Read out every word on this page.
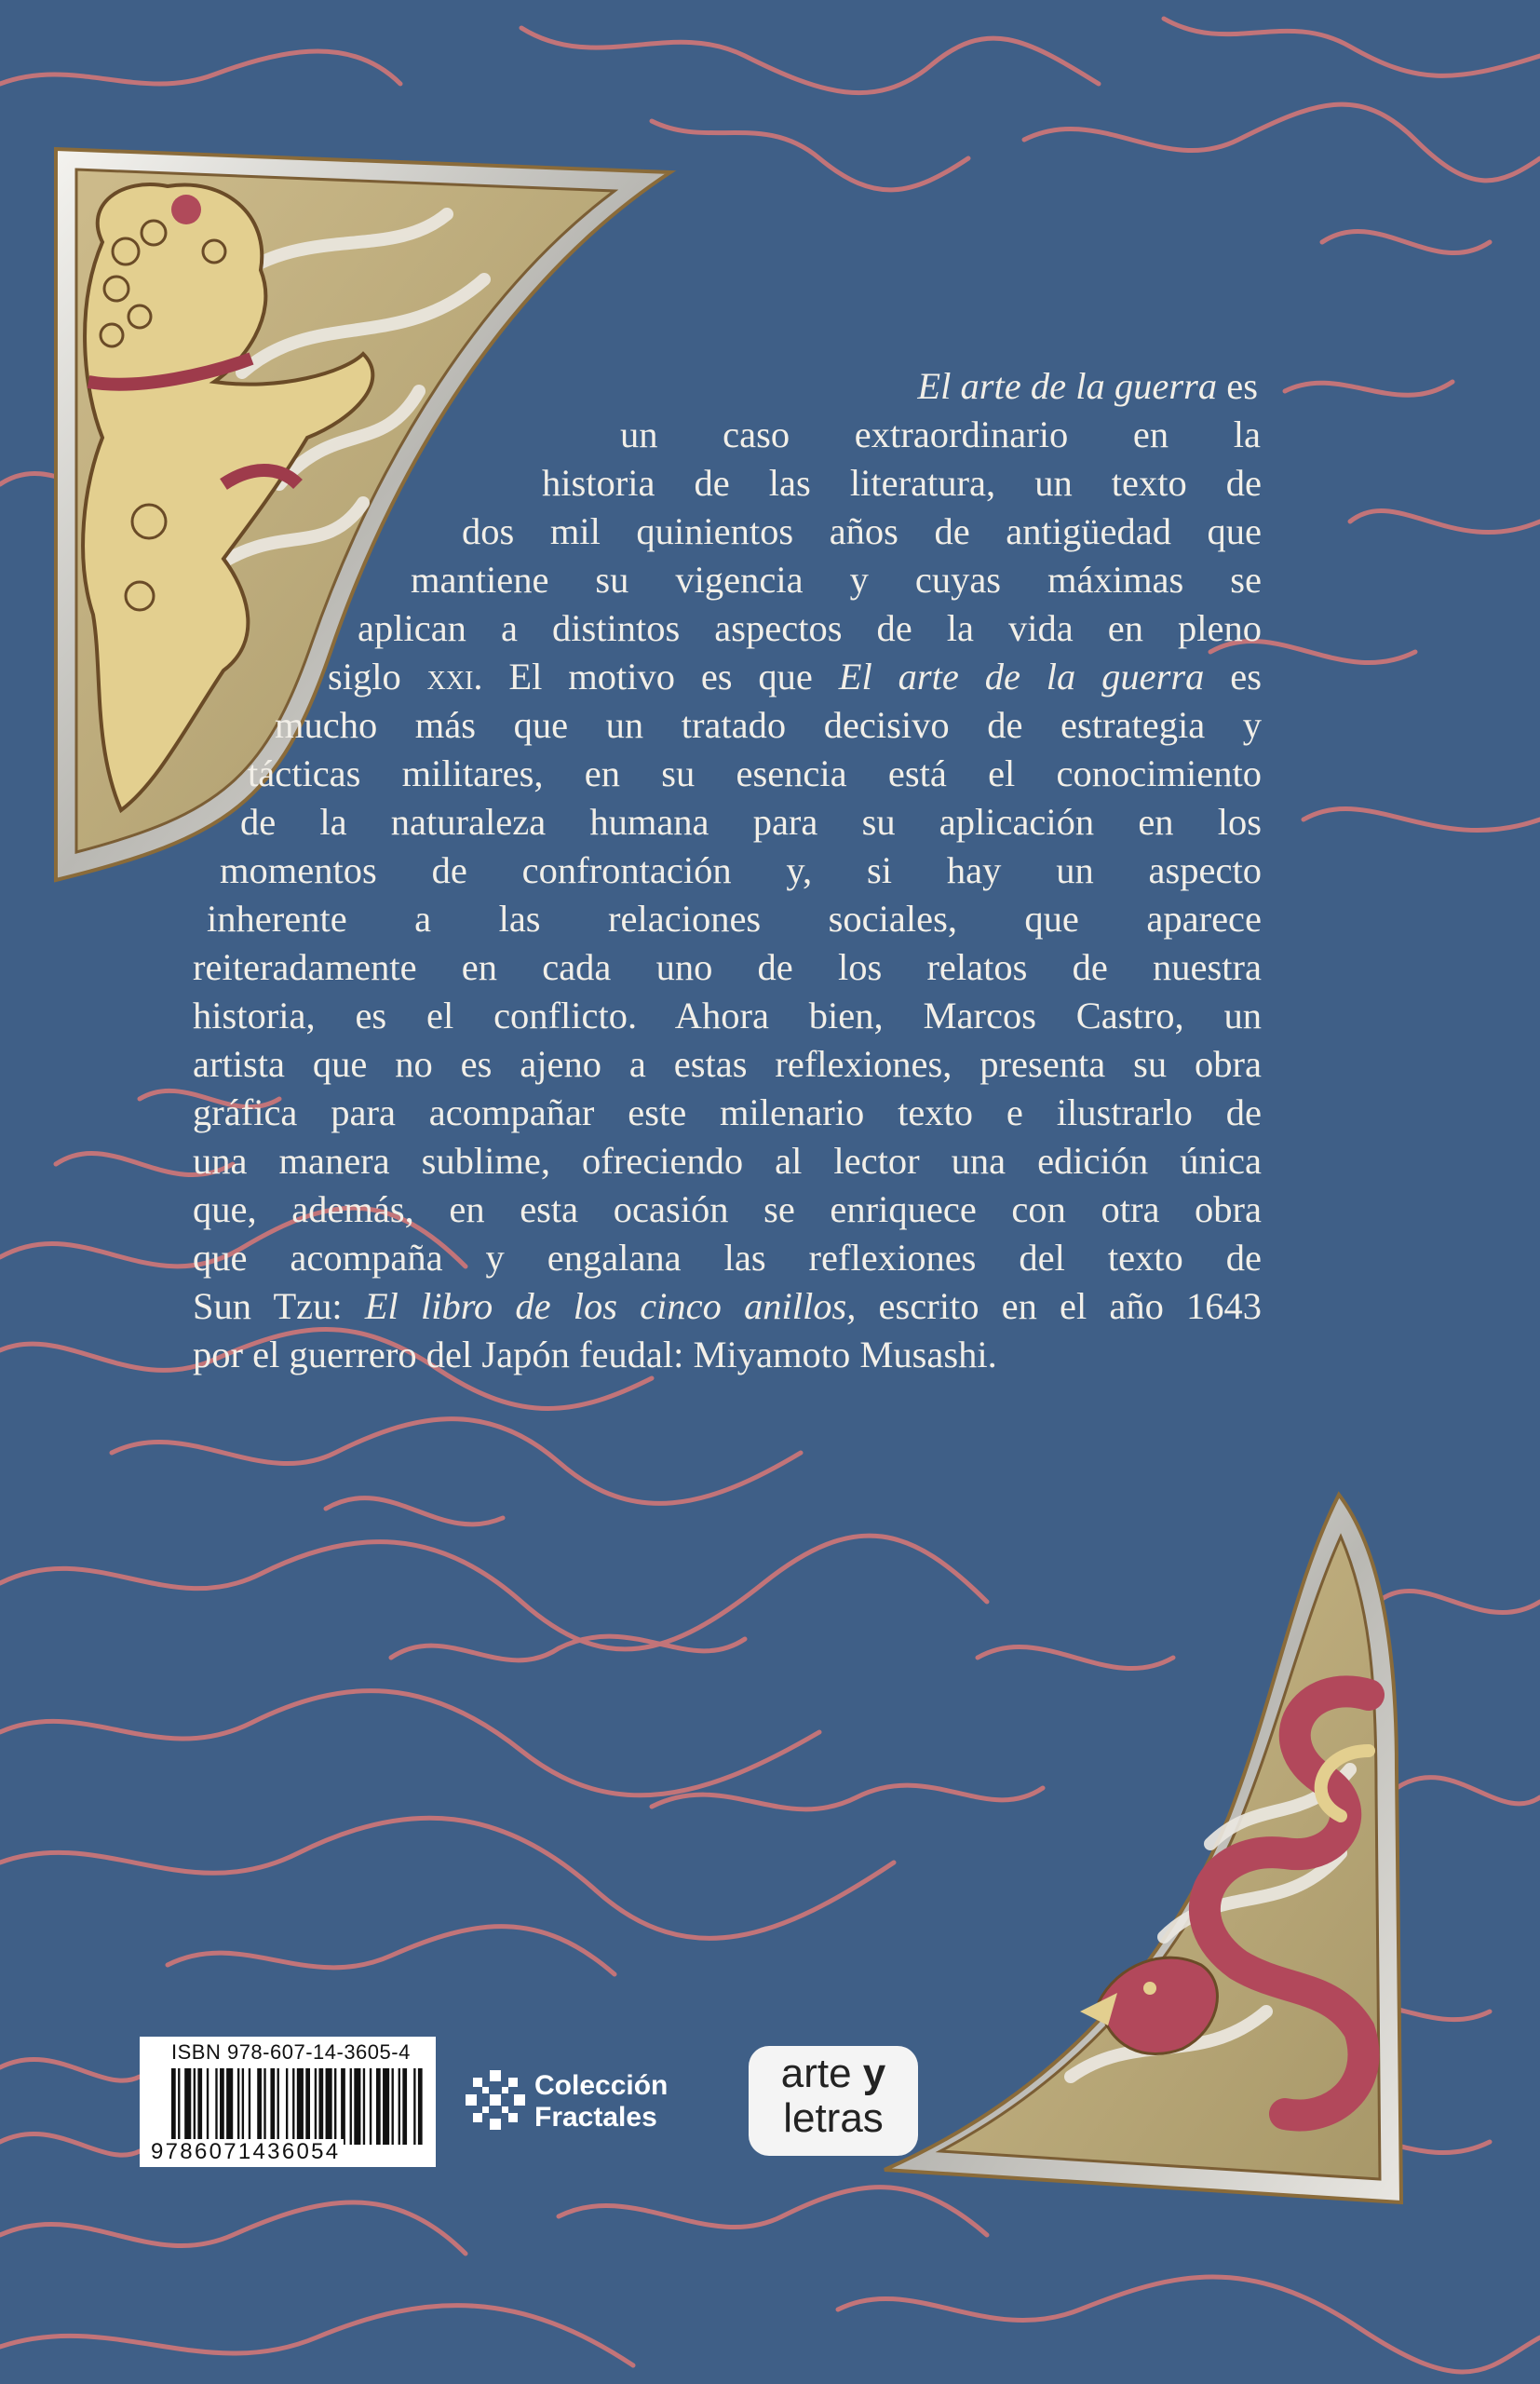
El arte de la guerra es
un caso extraordinario en la
historia de las literatura, un texto de
dos mil quinientos años de antigüedad que
mantiene su vigencia y cuyas máximas se
aplican a distintos aspectos de la vida en pleno
siglo xxi. El motivo es que El arte de la guerra es
mucho más que un tratado decisivo de estrategia y
tácticas militares, en su esencia está el conocimiento
de la naturaleza humana para su aplicación en los
momentos de confrontación y, si hay un aspecto
inherente a las relaciones sociales, que aparece
reiteradamente en cada uno de los relatos de nuestra
historia, es el conflicto. Ahora bien, Marcos Castro, un
artista que no es ajeno a estas reflexiones, presenta su obra
gráfica para acompañar este milenario texto e ilustrarlo de
una manera sublime, ofreciendo al lector una edición única
que, además, en esta ocasión se enriquece con otra obra
que acompaña y engalana las reflexiones del texto de
Sun Tzu: El libro de los cinco anillos, escrito en el año 1643
por el guerrero del Japón feudal: Miyamoto Musashi.
ISBN 978-607-14-3605-4
9786071436054
Colección
Fractales
arte y
letras
